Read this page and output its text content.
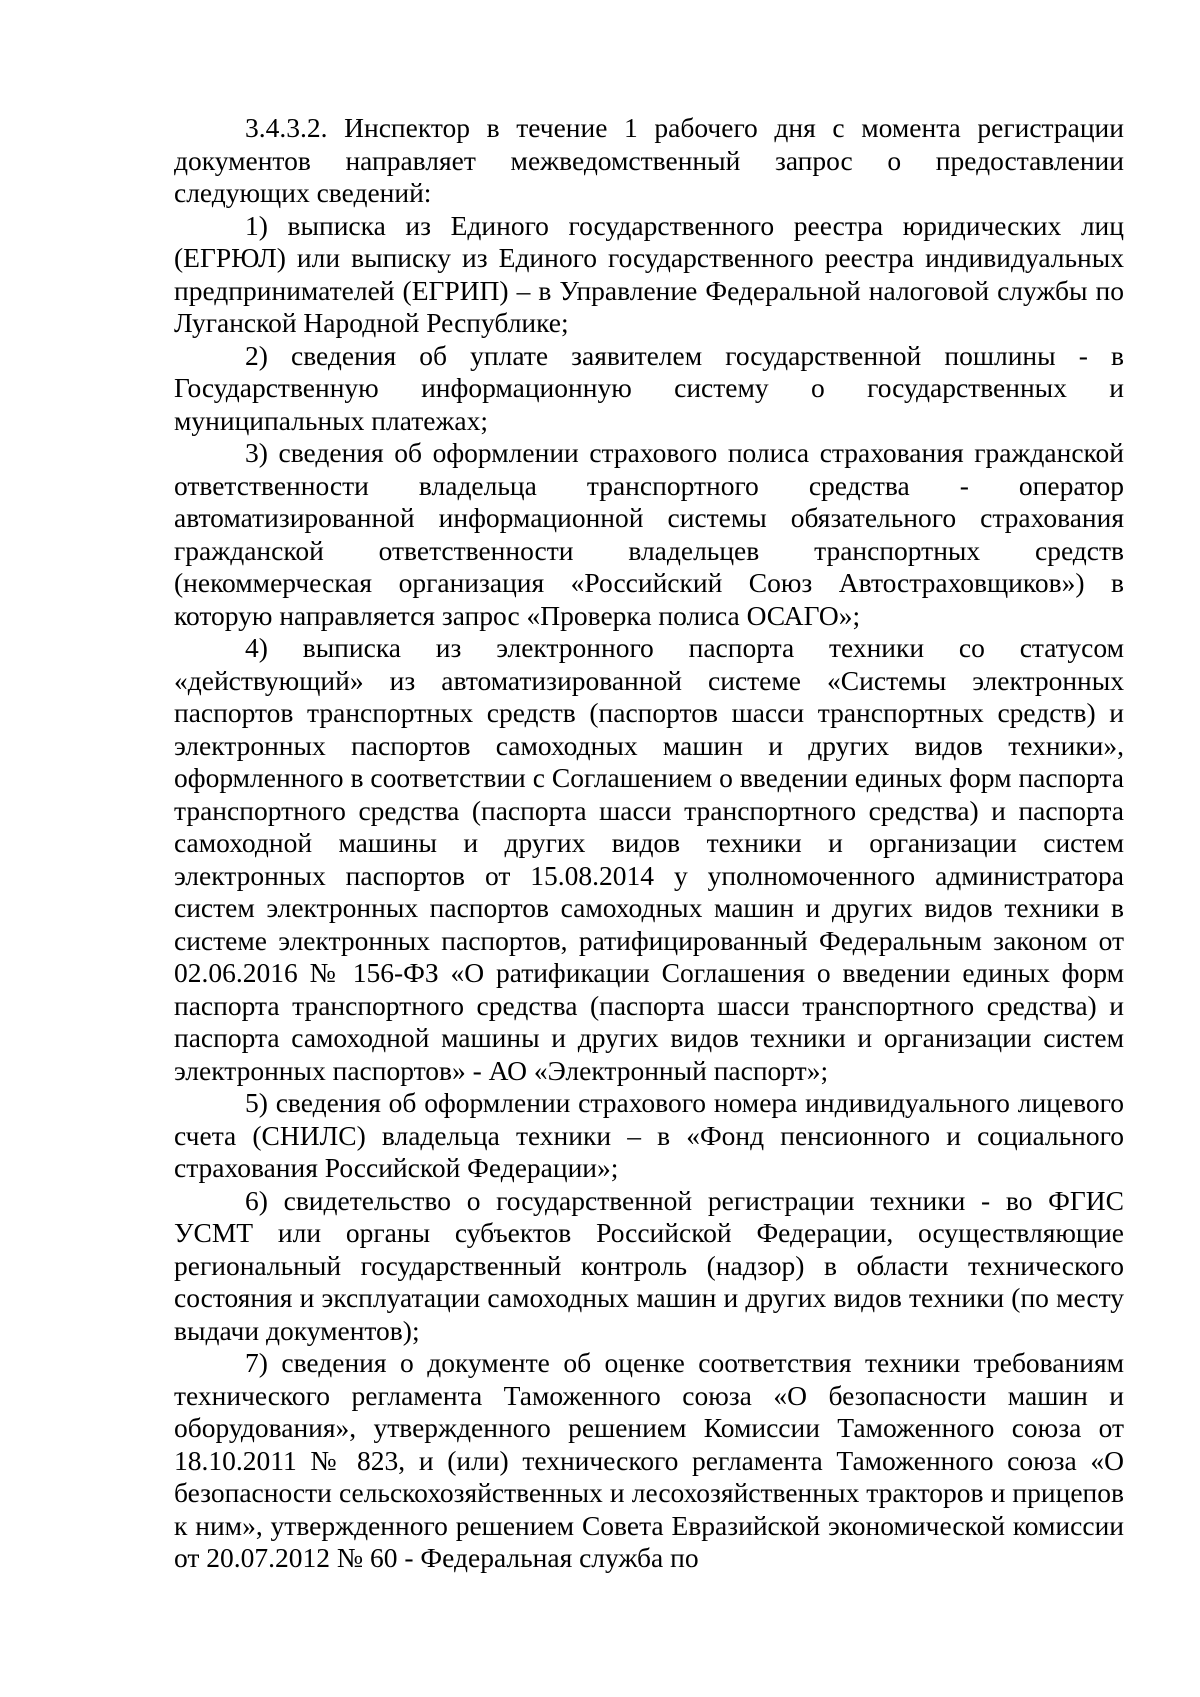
3.4.3.2. Инспектор в течение 1 рабочего дня с момента регистрации документов направляет межведомственный запрос о предоставлении следующих сведений:

1) выписка из Единого государственного реестра юридических лиц (ЕГРЮЛ) или выписку из Единого государственного реестра индивидуальных предпринимателей (ЕГРИП) – в Управление Федеральной налоговой службы по Луганской Народной Республике;

2) сведения об уплате заявителем государственной пошлины - в Государственную информационную систему о государственных и муниципальных платежах;

3) сведения об оформлении страхового полиса страхования гражданской ответственности владельца транспортного средства - оператор автоматизированной информационной системы обязательного страхования гражданской ответственности владельцев транспортных средств (некоммерческая организация «Российский Союз Автостраховщиков») в которую направляется запрос «Проверка полиса ОСАГО»;

4) выписка из электронного паспорта техники со статусом «действующий» из автоматизированной системе «Системы электронных паспортов транспортных средств (паспортов шасси транспортных средств) и электронных паспортов самоходных машин и других видов техники», оформленного в соответствии с Соглашением о введении единых форм паспорта транспортного средства (паспорта шасси транспортного средства) и паспорта самоходной машины и других видов техники и организации систем электронных паспортов от 15.08.2014 у уполномоченного администратора систем электронных паспортов самоходных машин и других видов техники в системе электронных паспортов, ратифицированный Федеральным законом от 02.06.2016 № 156-ФЗ «О ратификации Соглашения о введении единых форм паспорта транспортного средства (паспорта шасси транспортного средства) и паспорта самоходной машины и других видов техники и организации систем электронных паспортов» - АО «Электронный паспорт»;

5) сведения об оформлении страхового номера индивидуального лицевого счета (СНИЛС) владельца техники – в «Фонд пенсионного и социального страхования Российской Федерации»;

6) свидетельство о государственной регистрации техники - во ФГИС УСМТ или органы субъектов Российской Федерации, осуществляющие региональный государственный контроль (надзор) в области технического состояния и эксплуатации самоходных машин и других видов техники (по месту выдачи документов);

7) сведения о документе об оценке соответствия техники требованиям технического регламента Таможенного союза «О безопасности машин и оборудования», утвержденного решением Комиссии Таможенного союза от 18.10.2011 № 823, и (или) технического регламента Таможенного союза «О безопасности сельскохозяйственных и лесохозяйственных тракторов и прицепов к ним», утвержденного решением Совета Евразийской экономической комиссии от 20.07.2012 № 60 - Федеральная служба по
